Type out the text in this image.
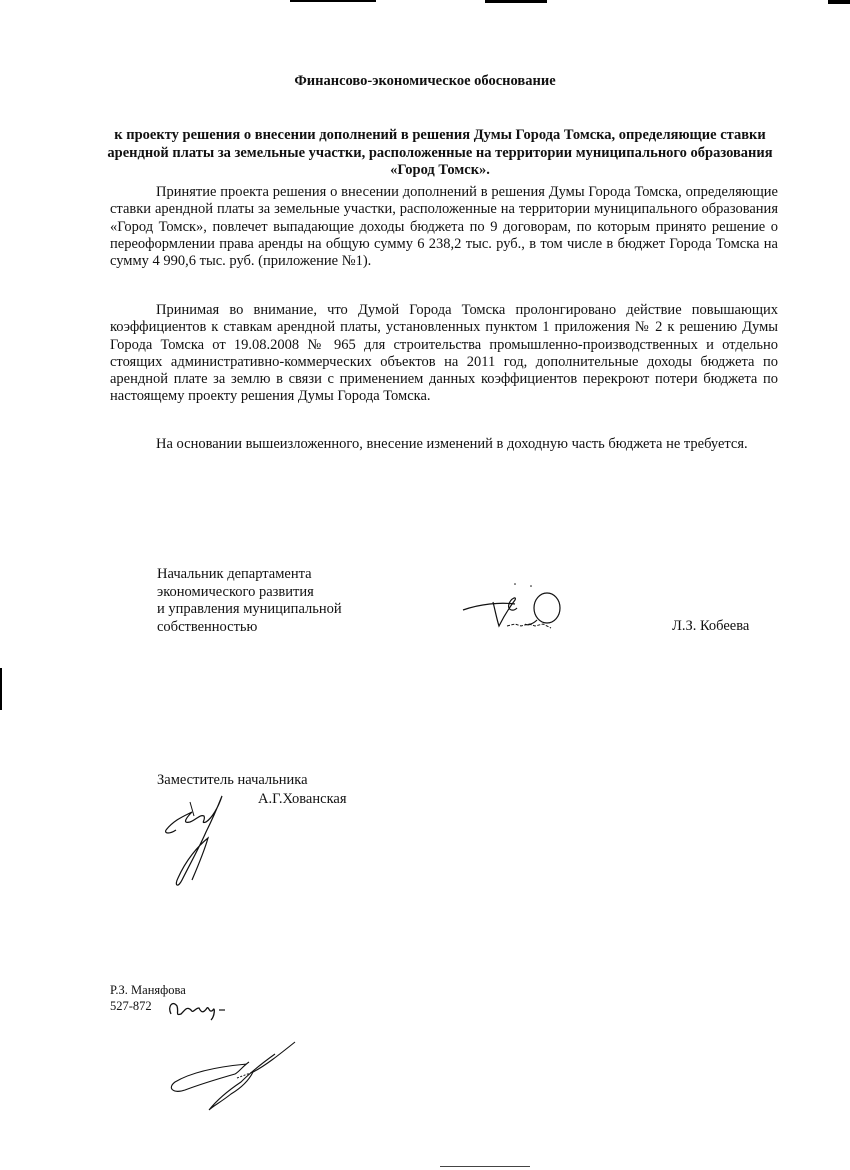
Финансово-экономическое обоснование
к проекту решения о внесении дополнений в решения Думы Города Томска, определяющие ставки арендной платы за земельные участки, расположенные на территории муниципального образования «Город Томск».

Принятие проекта решения о внесении дополнений в решения Думы Города Томска, определяющие ставки арендной платы за земельные участки, расположенные на территории муниципального образования «Город Томск», повлечет выпадающие доходы бюджета по 9 договорам, по которым принято решение о переоформлении права аренды на общую сумму 6 238,2 тыс. руб., в том числе в бюджет Города Томска на сумму 4 990,6 тыс. руб. (приложение №1).

Принимая во внимание, что Думой Города Томска пролонгировано действие повышающих коэффициентов к ставкам арендной платы, установленных пунктом 1 приложения № 2 к решению Думы Города Томска от 19.08.2008 № 965 для строительства промышленно-производственных и отдельно стоящих административно-коммерческих объектов на 2011 год, дополнительные доходы бюджета по арендной плате за землю в связи с применением данных коэффициентов перекроют потери бюджета по настоящему проекту решения Думы Города Томска.

На основании вышеизложенного, внесение изменений в доходную часть бюджета не требуется.

Начальник департамента
экономического развития
и управления муниципальной
собственностью	Л.З. Кобеева
Заместитель начальника
А.Г.Хованская
Р.З. Маняфова
527-872
